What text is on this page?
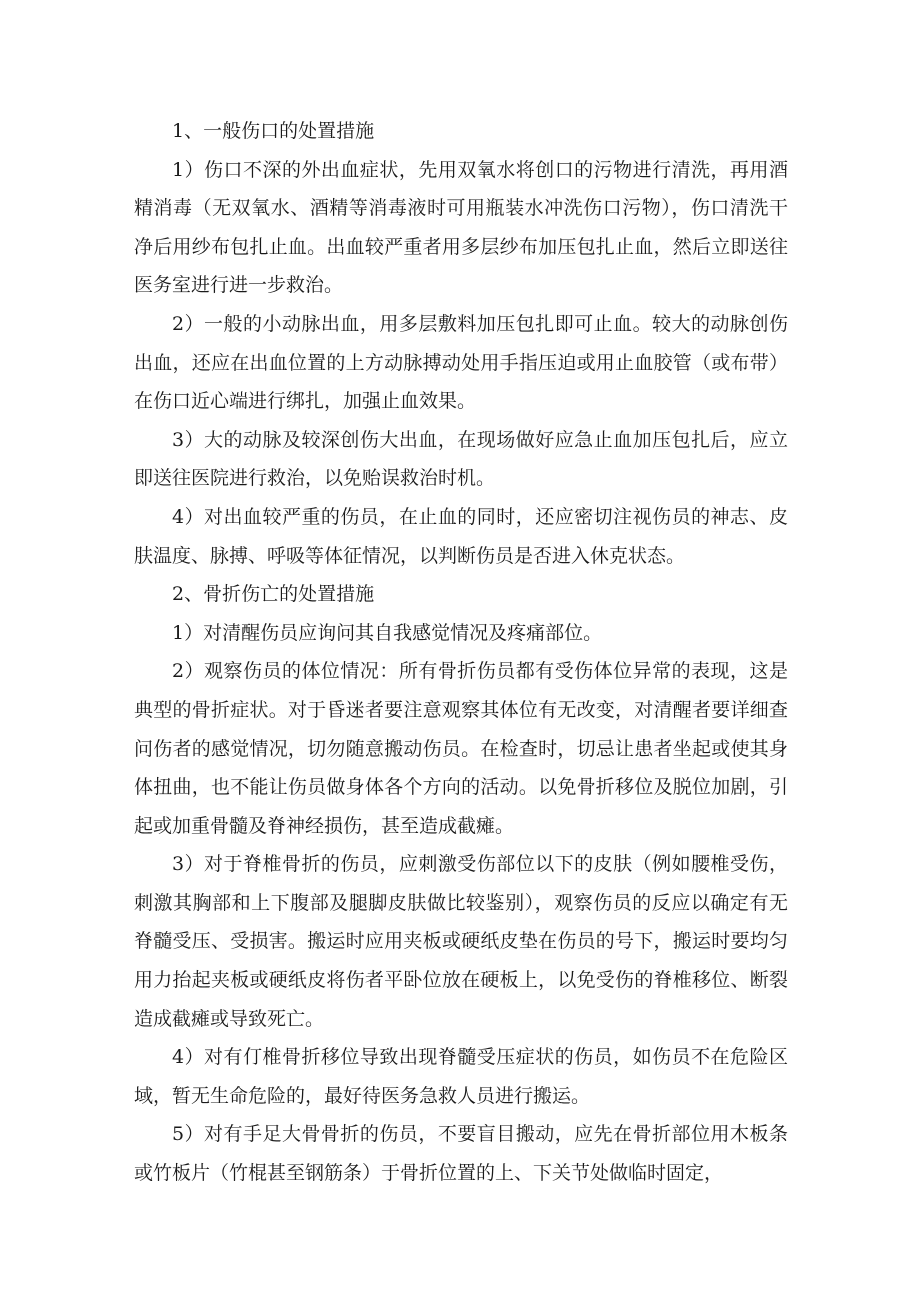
1、一般伤口的处置措施

1）伤口不深的外出血症状，先用双氧水将创口的污物进行清洗，再用酒精消毒（无双氧水、酒精等消毒液时可用瓶装水冲洗伤口污物），伤口清洗干净后用纱布包扎止血。出血较严重者用多层纱布加压包扎止血，然后立即送往医务室进行进一步救治。

2）一般的小动脉出血，用多层敷料加压包扎即可止血。较大的动脉创伤出血，还应在出血位置的上方动脉搏动处用手指压迫或用止血胶管（或布带）在伤口近心端进行绑扎，加强止血效果。

3）大的动脉及较深创伤大出血，在现场做好应急止血加压包扎后，应立即送往医院进行救治，以免贻误救治时机。

4）对出血较严重的伤员，在止血的同时，还应密切注视伤员的神志、皮肤温度、脉搏、呼吸等体征情况，以判断伤员是否进入休克状态。

2、骨折伤亡的处置措施

1）对清醒伤员应询问其自我感觉情况及疼痛部位。

2）观察伤员的体位情况：所有骨折伤员都有受伤体位异常的表现，这是典型的骨折症状。对于昏迷者要注意观察其体位有无改变，对清醒者要详细查问伤者的感觉情况，切勿随意搬动伤员。在检查时，切忌让患者坐起或使其身体扭曲，也不能让伤员做身体各个方向的活动。以免骨折移位及脱位加剧，引起或加重骨髓及脊神经损伤，甚至造成截瘫。

3）对于脊椎骨折的伤员，应刺激受伤部位以下的皮肤（例如腰椎受伤，刺激其胸部和上下腹部及腿脚皮肤做比较鉴别），观察伤员的反应以确定有无脊髓受压、受损害。搬运时应用夹板或硬纸皮垫在伤员的号下，搬运时要均匀用力抬起夹板或硬纸皮将伤者平卧位放在硬板上，以免受伤的脊椎移位、断裂造成截瘫或导致死亡。

4）对有仃椎骨折移位导致出现脊髓受压症状的伤员，如伤员不在危险区域，暂无生命危险的，最好待医务急救人员进行搬运。

5）对有手足大骨骨折的伤员，不要盲目搬动，应先在骨折部位用木板条或竹板片（竹棍甚至钢筋条）于骨折位置的上、下关节处做临时固定，
